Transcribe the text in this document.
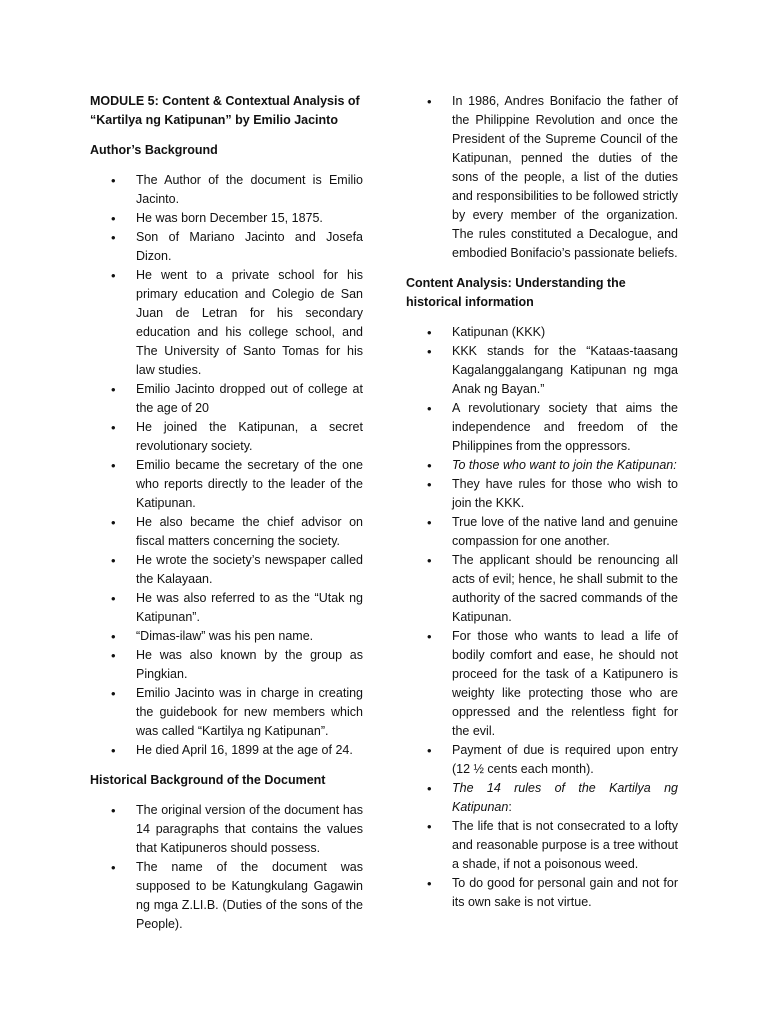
MODULE 5: Content & Contextual Analysis of
“Kartilya ng Katipunan” by Emilio Jacinto
Author’s Background
• The Author of the document is Emilio Jacinto.
• He was born December 15, 1875.
• Son of Mariano Jacinto and Josefa Dizon.
• He went to a private school for his primary education and Colegio de San Juan de Letran for his secondary education and his college school, and The University of Santo Tomas for his law studies.
• Emilio Jacinto dropped out of college at the age of 20
• He joined the Katipunan, a secret revolutionary society.
• Emilio became the secretary of the one who reports directly to the leader of the Katipunan.
• He also became the chief advisor on fiscal matters concerning the society.
• He wrote the society’s newspaper called the Kalayaan.
• He was also referred to as the “Utak ng Katipunan”.
• “Dimas-ilaw” was his pen name.
• He was also known by the group as Pingkian.
• Emilio Jacinto was in charge in creating the guidebook for new members which was called “Kartilya ng Katipunan”.
• He died April 16, 1899 at the age of 24.
Historical Background of the Document
• The original version of the document has 14 paragraphs that contains the values that Katipuneros should possess.
• The name of the document was supposed to be Katungkulang Gagawin ng mga Z.LI.B. (Duties of the sons of the People).
• In 1986, Andres Bonifacio the father of the Philippine Revolution and once the President of the Supreme Council of the Katipunan, penned the duties of the sons of the people, a list of the duties and responsibilities to be followed strictly by every member of the organization. The rules constituted a Decalogue, and embodied Bonifacio’s passionate beliefs.
Content Analysis: Understanding the historical information
• Katipunan (KKK)
• KKK stands for the “Kataas-taasang Kagalanggalangang Katipunan ng mga Anak ng Bayan.”
• A revolutionary society that aims the independence and freedom of the Philippines from the oppressors.
• To those who want to join the Katipunan:
• They have rules for those who wish to join the KKK.
• True love of the native land and genuine compassion for one another.
• The applicant should be renouncing all acts of evil; hence, he shall submit to the authority of the sacred commands of the Katipunan.
• For those who wants to lead a life of bodily comfort and ease, he should not proceed for the task of a Katipunero is weighty like protecting those who are oppressed and the relentless fight for the evil.
• Payment of due is required upon entry (12 ½ cents each month).
• The 14 rules of the Kartilya ng Katipunan:
• The life that is not consecrated to a lofty and reasonable purpose is a tree without a shade, if not a poisonous weed.
• To do good for personal gain and not for its own sake is not virtue.
